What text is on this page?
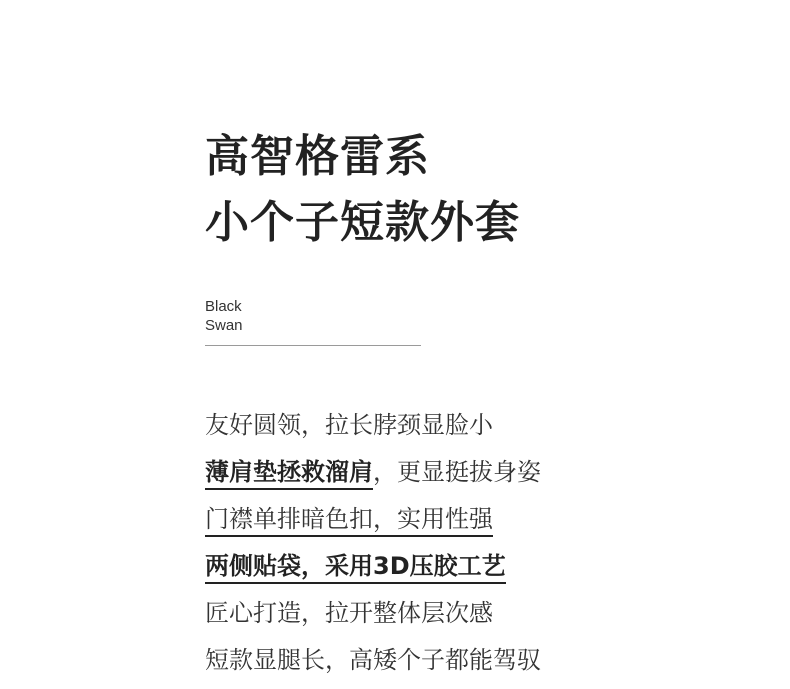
高智格雷系
小个子短款外套
Black
Swan
友好圆领，拉长脖颈显脸小
薄肩垫拯救溜肩，更显挺拔身姿
门襟单排暗色扣，实用性强
两侧贴袋，采用3D压胶工艺
匠心打造，拉开整体层次感
短款显腿长，高矮个子都能驾驭
